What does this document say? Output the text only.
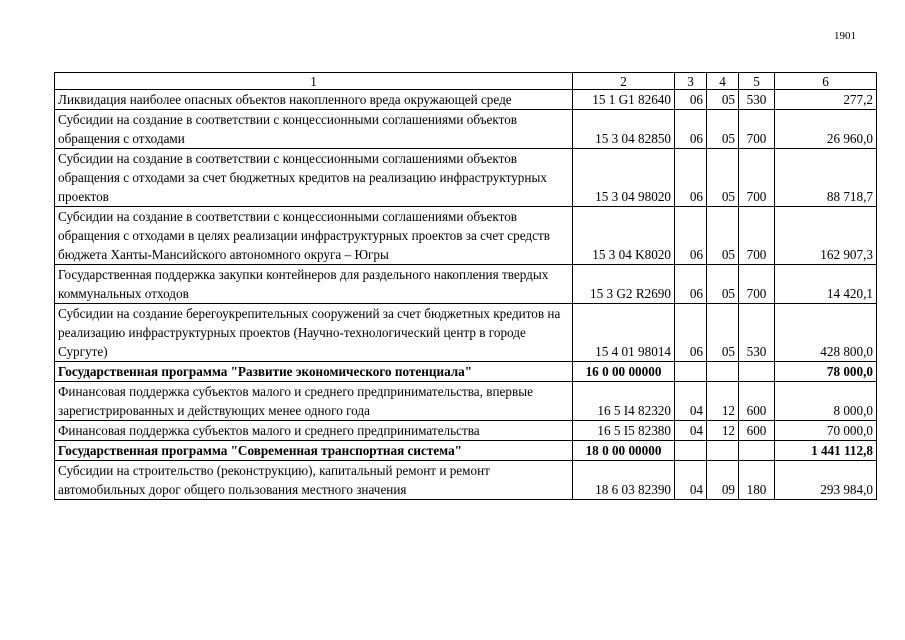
1901
1	2	3	4	5	6
Ликвидация наиболее опасных объектов накопленного вреда окружающей среде	15 1 G1 82640	06	05	530	277,2
Субсидии на создание в соответствии с концессионными соглашениями объектов обращения с отходами	15 3 04 82850	06	05	700	26 960,0
Субсидии на создание в соответствии с концессионными соглашениями объектов обращения с отходами за счет бюджетных кредитов на реализацию инфраструктурных проектов	15 3 04 98020	06	05	700	88 718,7
Субсидии на создание в соответствии с концессионными соглашениями объектов обращения с отходами в целях реализации инфраструктурных проектов за счет средств бюджета Ханты-Мансийского автономного округа – Югры	15 3 04 K8020	06	05	700	162 907,3
Государственная поддержка закупки контейнеров для раздельного накопления твердых коммунальных отходов	15 3 G2 R2690	06	05	700	14 420,1
Субсидии на создание берегоукрепительных сооружений за счет бюджетных кредитов на реализацию инфраструктурных проектов (Научно-технологический центр в городе Сургуте)	15 4 01 98014	06	05	530	428 800,0
Государственная программа "Развитие экономического потенциала"	16 0 00 00000				78 000,0
Финансовая поддержка субъектов малого и среднего предпринимательства, впервые зарегистрированных и действующих менее одного года	16 5 I4 82320	04	12	600	8 000,0
Финансовая поддержка субъектов малого и среднего предпринимательства	16 5 I5 82380	04	12	600	70 000,0
Государственная программа "Современная транспортная система"	18 0 00 00000				1 441 112,8
Субсидии на строительство (реконструкцию), капитальный ремонт и ремонт автомобильных дорог общего пользования местного значения	18 6 03 82390	04	09	180	293 984,0
